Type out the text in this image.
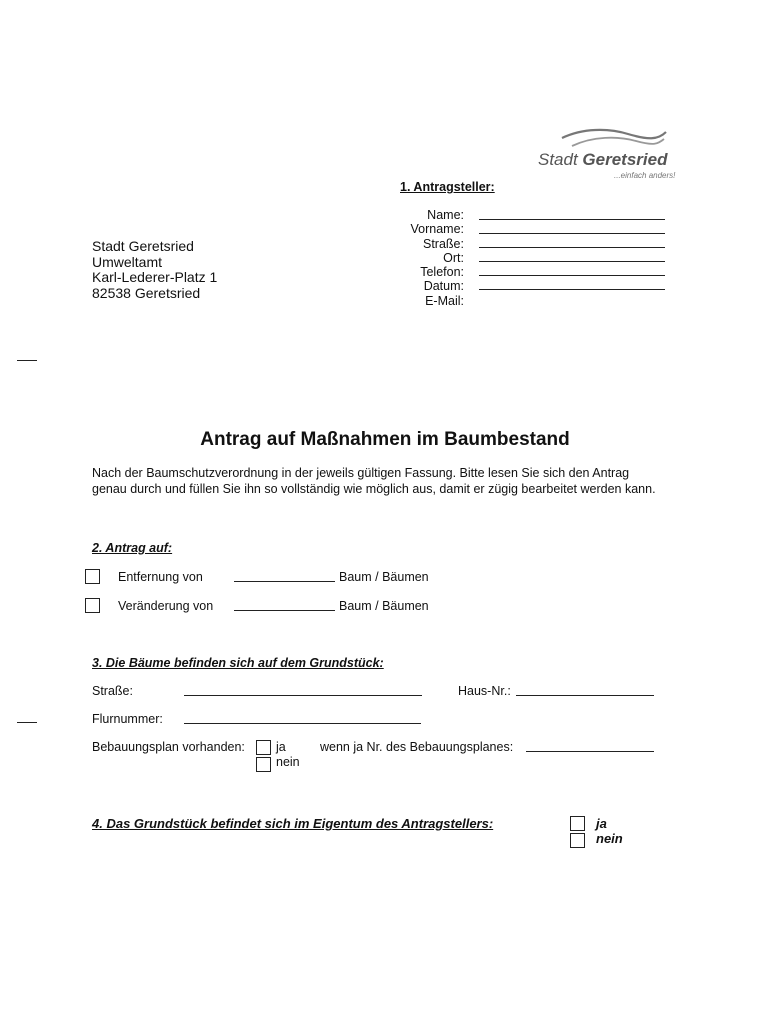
Stadt Geretsried
...einfach anders!
1. Antragsteller:
Name:
Vorname:
Straße:
Ort:
Telefon:
Datum:
E-Mail:
Stadt Geretsried
Umweltamt
Karl-Lederer-Platz 1
82538 Geretsried
Antrag auf Maßnahmen im Baumbestand
Nach der Baumschutzverordnung in der jeweils gültigen Fassung. Bitte lesen Sie sich den Antrag
genau durch und füllen Sie ihn so vollständig wie möglich aus, damit er zügig bearbeitet werden kann.
2. Antrag auf:
Entfernung von	Baum / Bäumen
Veränderung von	Baum / Bäumen
3. Die Bäume befinden sich auf dem Grundstück:
Straße:	Haus-Nr.:
Flurnummer:
Bebauungsplan vorhanden: ja
nein
wenn ja Nr. des Bebauungsplanes:
4. Das Grundstück befindet sich im Eigentum des Antragstellers:	ja
nein
